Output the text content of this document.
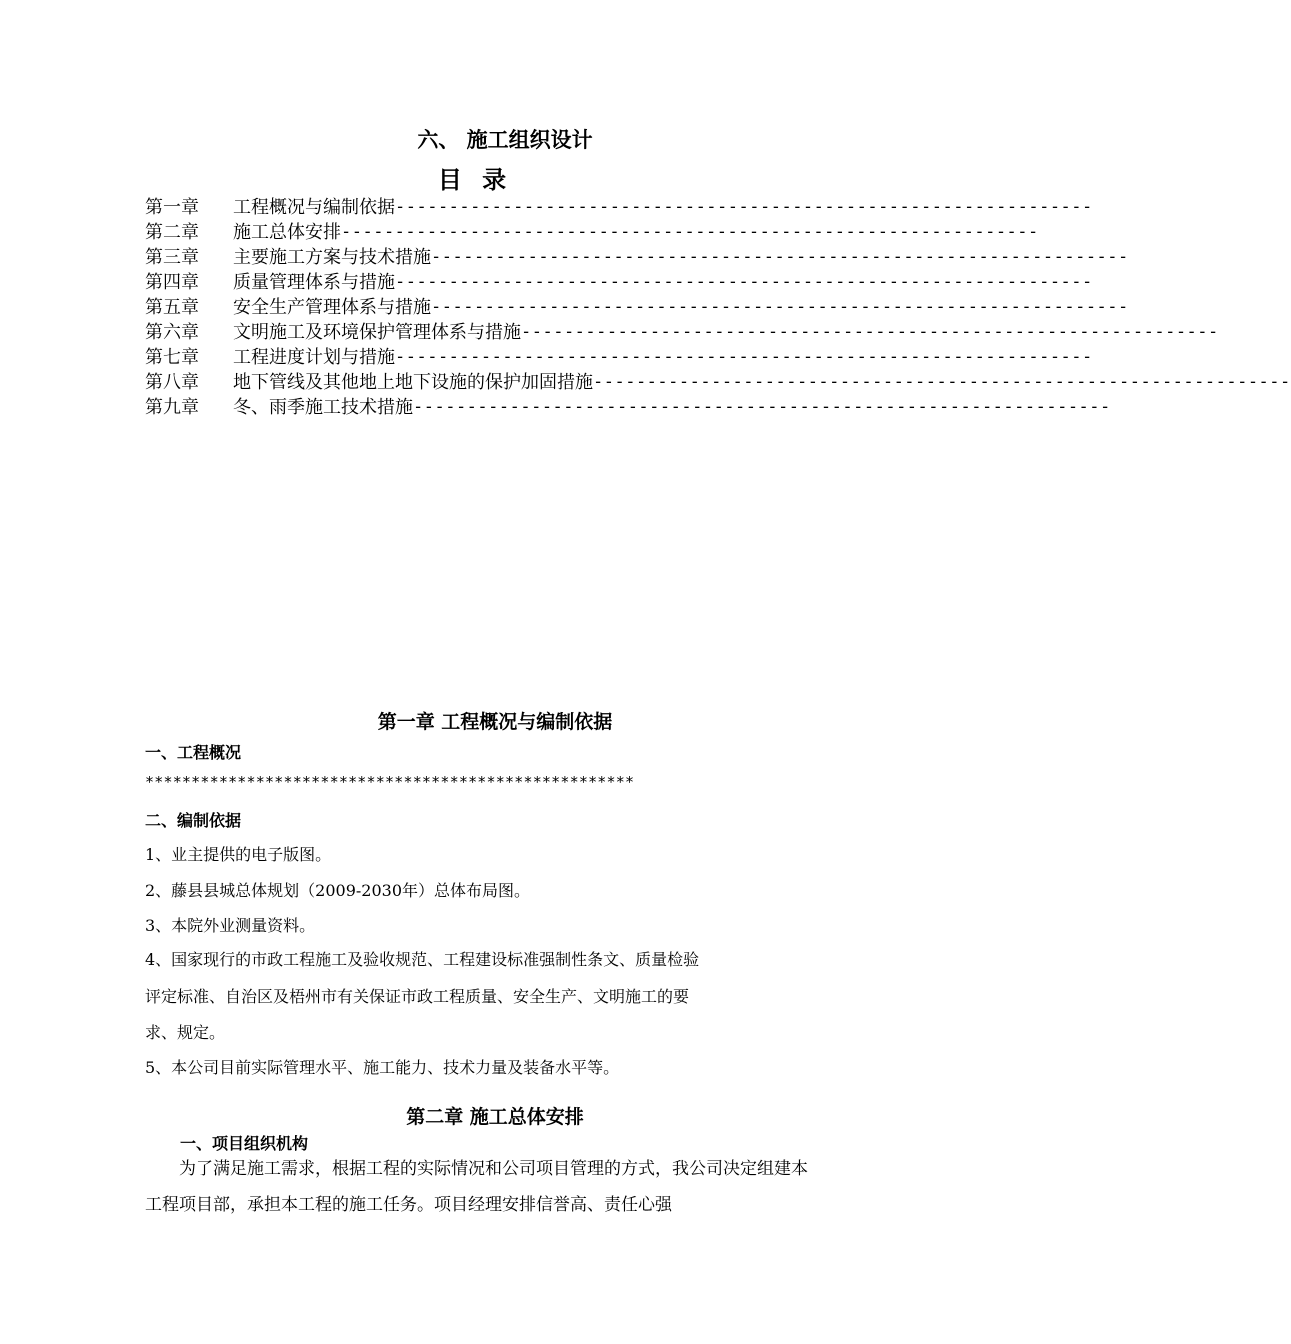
六、 施工组织设计
目 录
第一章	工程概况与编制依据 -----------------------------------------------------------------
第二章	施工总体安排 -----------------------------------------------------------------
第三章	主要施工方案与技术措施 -----------------------------------------------------------------
第四章	质量管理体系与措施 -----------------------------------------------------------------
第五章	安全生产管理体系与措施 -----------------------------------------------------------------
第六章	文明施工及环境保护管理体系与措施 -----------------------------------------------------------------
第七章	工程进度计划与措施 -----------------------------------------------------------------
第八章	地下管线及其他地上地下设施的保护加固措施 -----------------------------------------------------------------
第九章	冬、雨季施工技术措施 -----------------------------------------------------------------
第一章 工程概况与编制依据
一、工程概况
*****************************************************
二、编制依据
1、业主提供的电子版图。
2、藤县县城总体规划（2009-2030年）总体布局图。
3、本院外业测量资料。
4、国家现行的市政工程施工及验收规范、工程建设标准强制性条文、质量检验
评定标准、自治区及梧州市有关保证市政工程质量、安全生产、文明施工的要
求、规定。
5、本公司目前实际管理水平、施工能力、技术力量及装备水平等。
第二章 施工总体安排
一、项目组织机构
为了满足施工需求，根据工程的实际情况和公司项目管理的方式，我公司决定组建本工程项目部，承担本工程的施工任务。项目经理安排信誉高、责任心强
